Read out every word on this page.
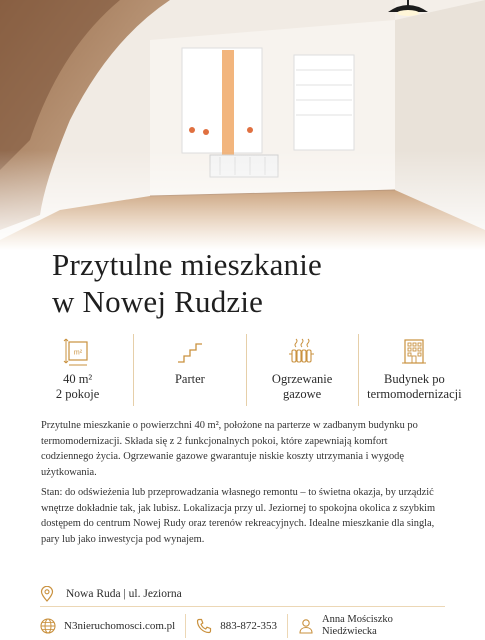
Przytulne mieszkanie
w Nowej Rudzie
m²
40 m²
2 pokoje
Parter	Ogrzewanie
gazowe
Budynek po
termomodernizacji

Przytulne mieszkanie o powierzchni 40 m², położone na parterze w zadbanym budynku po termomodernizacji. Składa się z 2 funkcjonalnych pokoi, które zapewniają komfort codziennego życia. Ogrzewanie gazowe gwarantuje niskie koszty utrzymania i wygodę użytkowania.

Stan: do odświeżenia lub przeprowadzania własnego remontu – to świetna okazja, by urządzić wnętrze dokładnie tak, jak lubisz. Lokalizacja przy ul. Jeziornej to spokojna okolica z szybkim dostępem do centrum Nowej Rudy oraz terenów rekreacyjnych. Idealne mieszkanie dla singla, pary lub jako inwestycja pod wynajem.

Nowa Ruda | ul. Jeziorna
N3nieruchomosci.com.pl	883-872-353
Anna Mościszko
Niedźwiecka
